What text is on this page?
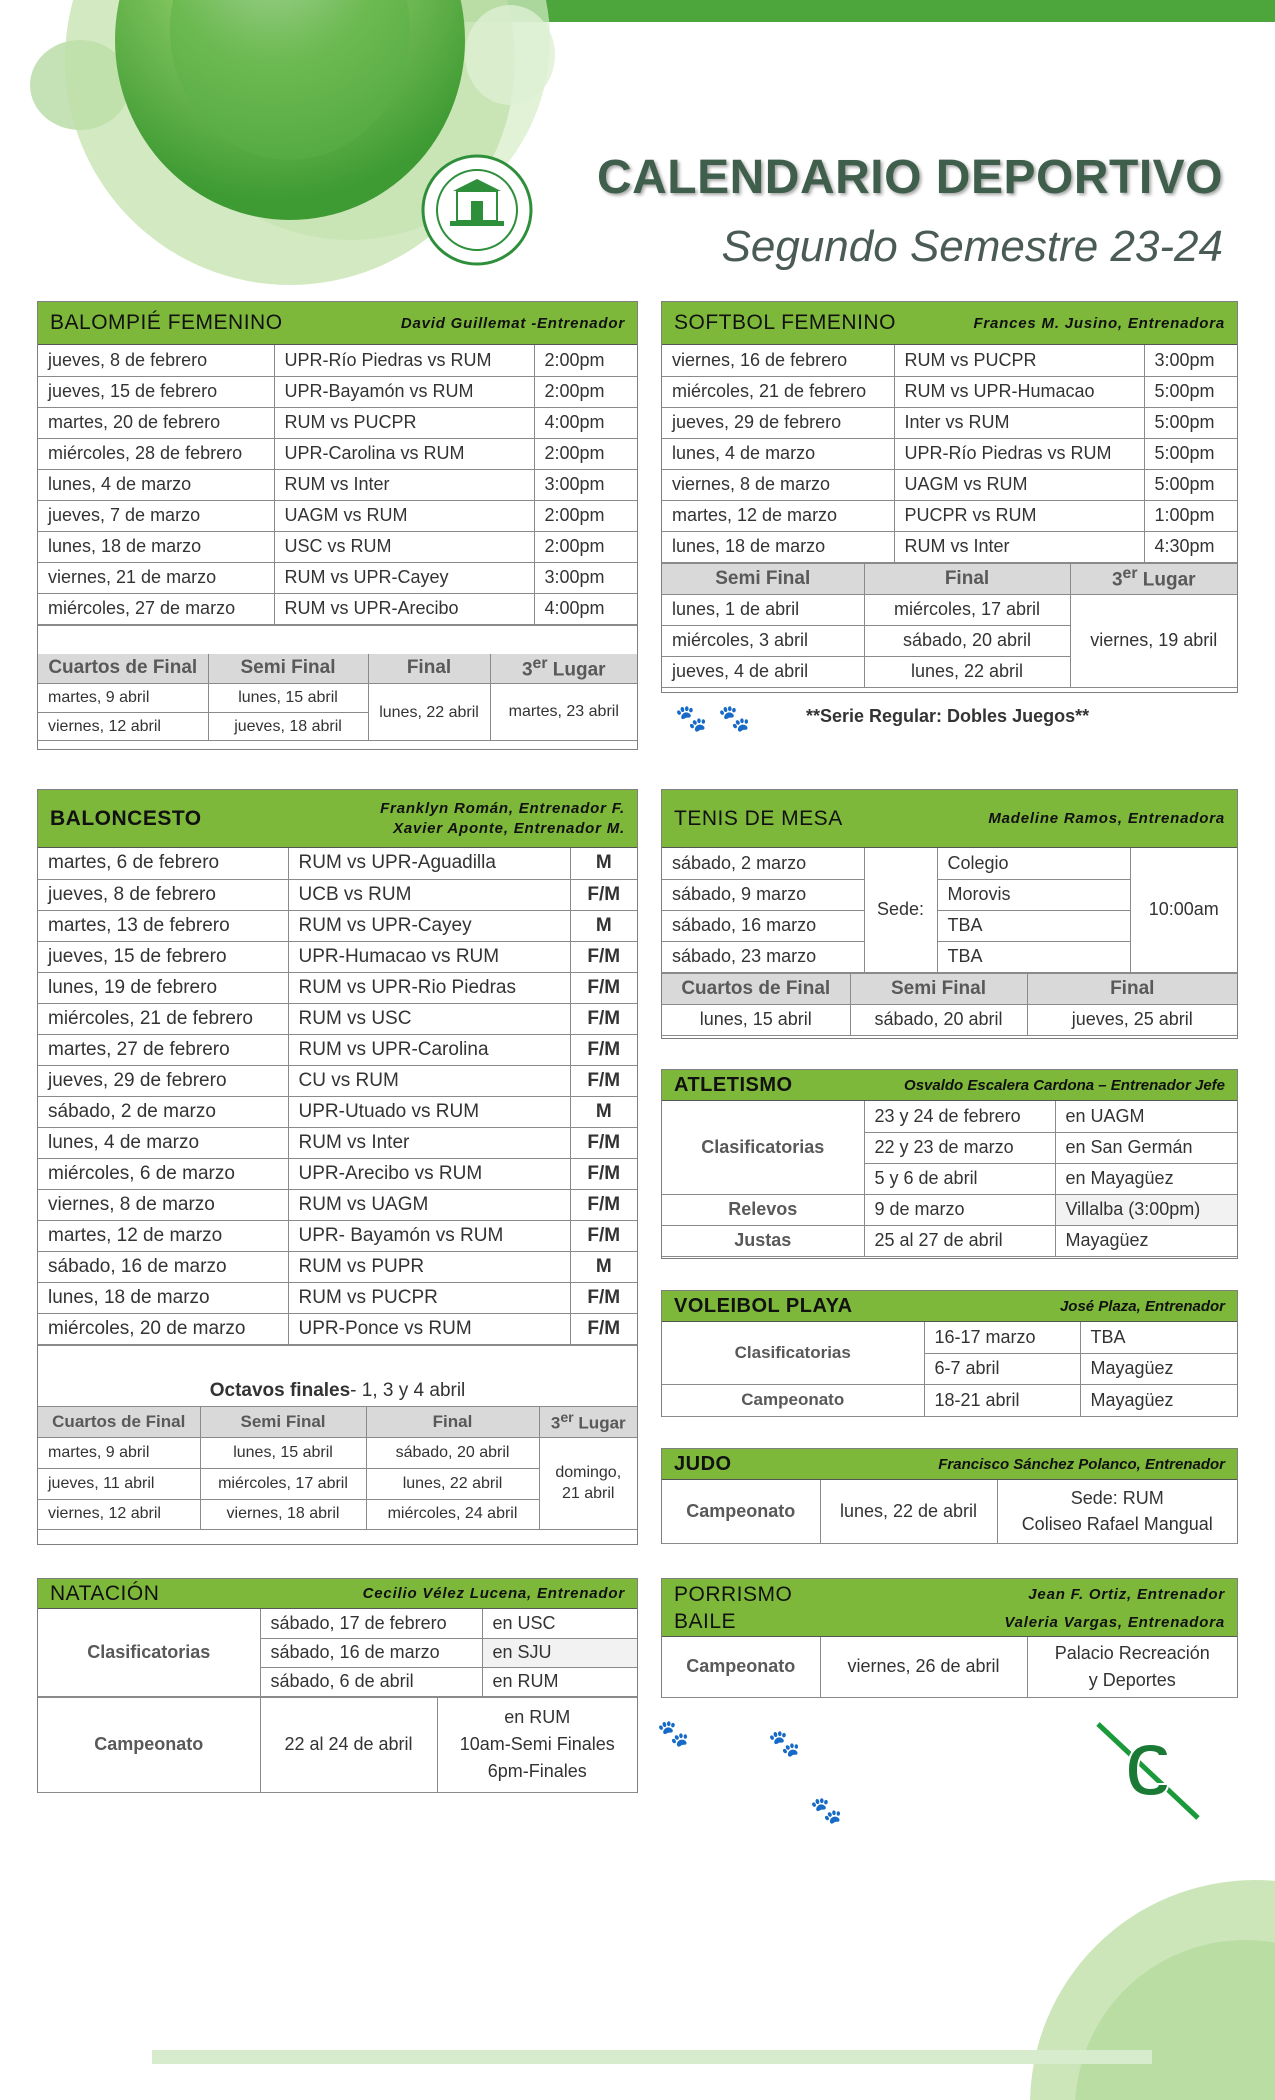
CALENDARIO DEPORTIVO
Segundo Semestre 23-24
BALOMPIÉ FEMENINO	David Guillemat -Entrenador
jueves, 8 de febrero	UPR-Río Piedras vs RUM	2:00pm
jueves, 15 de febrero	UPR-Bayamón vs RUM	2:00pm
martes, 20 de febrero	RUM vs PUCPR	4:00pm
miércoles, 28 de febrero	UPR-Carolina vs RUM	2:00pm
lunes, 4 de marzo	RUM vs Inter	3:00pm
jueves, 7 de marzo	UAGM vs RUM	2:00pm
lunes, 18 de marzo	USC vs RUM	2:00pm
viernes, 21 de marzo	RUM vs UPR-Cayey	3:00pm
miércoles, 27 de marzo	RUM vs UPR-Arecibo	4:00pm
Cuartos de Final	Semi Final	Final	3er Lugar
martes, 9 abril	lunes, 15 abril	lunes, 22 abril	martes, 23 abril
viernes, 12 abril	jueves, 18 abril		
SOFTBOL FEMENINO	Frances M. Jusino, Entrenadora
viernes, 16 de febrero	RUM vs PUCPR	3:00pm
miércoles, 21 de febrero	RUM vs UPR-Humacao	5:00pm
jueves, 29 de febrero	Inter vs RUM	5:00pm
lunes, 4 de marzo	UPR-Río Piedras vs RUM	5:00pm
viernes, 8 de marzo	UAGM vs RUM	5:00pm
martes, 12 de marzo	PUCPR vs RUM	1:00pm
lunes, 18 de marzo	RUM vs Inter	4:30pm
Semi Final	Final	3er Lugar
lunes, 1 de abril	miércoles, 17 abril	viernes, 19 abril
miércoles, 3 abril	sábado, 20 abril	
jueves, 4 de abril	lunes, 22 abril	
🐾 🐾	**Serie Regular: Dobles Juegos**
BALONCESTO	Franklyn Román, Entrenador F.
Xavier Aponte, Entrenador M.
martes, 6 de febrero	RUM vs UPR-Aguadilla	M
jueves, 8 de febrero	UCB vs RUM	F/M
martes, 13 de febrero	RUM vs UPR-Cayey	M
jueves, 15 de febrero	UPR-Humacao vs RUM	F/M
lunes, 19 de febrero	RUM vs UPR-Rio Piedras	F/M
miércoles, 21 de febrero	RUM vs USC	F/M
martes, 27 de febrero	RUM vs UPR-Carolina	F/M
jueves, 29 de febrero	CU vs RUM	F/M
sábado, 2 de marzo	UPR-Utuado vs RUM	M
lunes, 4 de marzo	RUM vs Inter	F/M
miércoles, 6 de marzo	UPR-Arecibo vs RUM	F/M
viernes, 8 de marzo	RUM vs UAGM	F/M
martes, 12 de marzo	UPR- Bayamón vs RUM	F/M
sábado, 16 de marzo	RUM vs PUPR	M
lunes, 18 de marzo	RUM vs PUCPR	F/M
miércoles, 20 de marzo	UPR-Ponce vs RUM	F/M
Octavos finales- 1, 3 y 4 abril
Cuartos de Final	Semi Final	Final	3er Lugar
martes, 9 abril	lunes, 15 abril	sábado, 20 abril	domingo, 21 abril
jueves, 11 abril	miércoles, 17 abril	lunes, 22 abril	
viernes, 12 abril	viernes, 18 abril	miércoles, 24 abril	
TENIS DE MESA	Madeline Ramos, Entrenadora
sábado, 2 marzo	Sede:	Colegio	10:00am
sábado, 9 marzo		Morovis	
sábado, 16 marzo		TBA	
sábado, 23 marzo		TBA	
Cuartos de Final	Semi Final	Final
lunes, 15 abril	sábado, 20 abril	jueves, 25 abril
ATLETISMO	Osvaldo Escalera Cardona – Entrenador Jefe
Clasificatorias	23 y 24 de febrero	en UAGM
	22 y 23 de marzo	en San Germán
	5 y 6 de abril	en Mayagüez
Relevos	9 de marzo	Villalba (3:00pm)
Justas	25 al 27 de abril	Mayagüez
VOLEIBOL PLAYA	José Plaza, Entrenador
Clasificatorias	16-17 marzo	TBA
	6-7 abril	Mayagüez
Campeonato	18-21 abril	Mayagüez
JUDO	Francisco Sánchez Polanco, Entrenador
Campeonato	lunes, 22 de abril	Sede: RUM
Coliseo Rafael Mangual
NATACIÓN	Cecilio Vélez Lucena, Entrenador
Clasificatorias	sábado, 17 de febrero	en USC
	sábado, 16 de marzo	en SJU
	sábado, 6 de abril	en RUM
Campeonato	22 al 24 de abril	en RUM
10am-Semi Finales
6pm-Finales
PORRISMO
BAILE
Jean F. Ortiz, Entrenador
Valeria Vargas, Entrenadora
Campeonato	viernes, 26 de abril	Palacio Recreación
y Deportes
🐾	🐾
🐾
